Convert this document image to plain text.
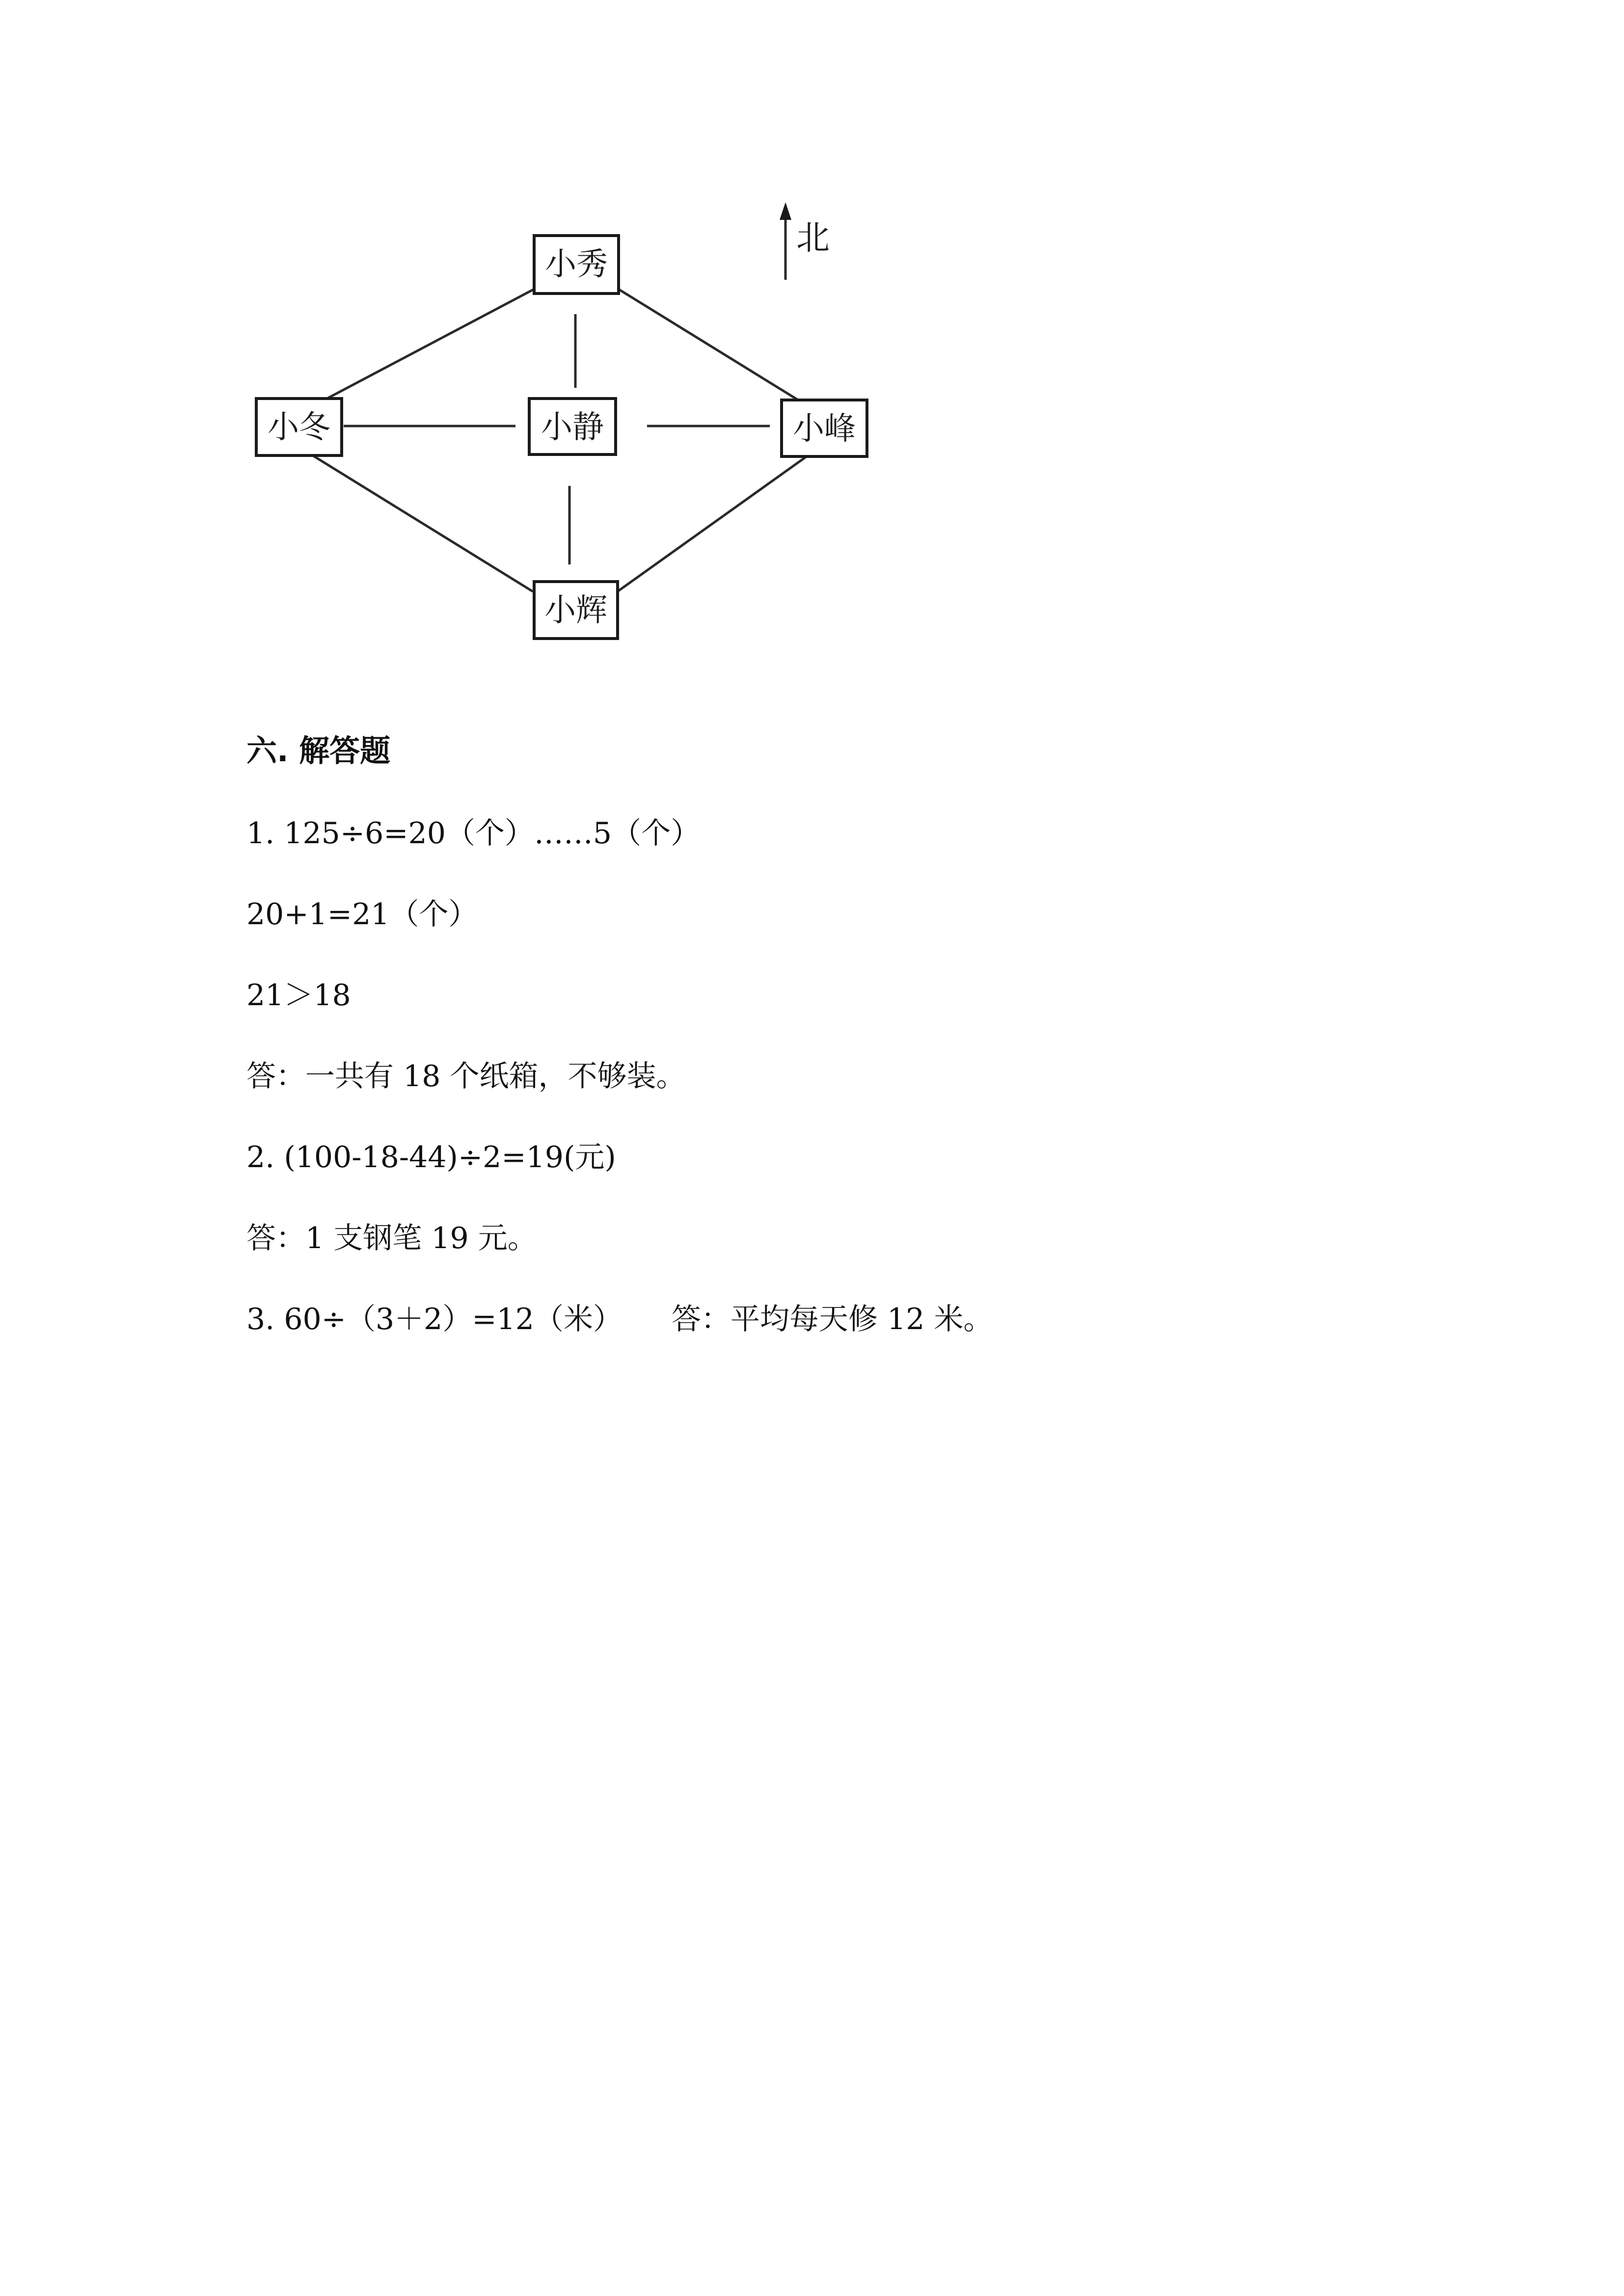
小秀
小冬	小静	小峰
小辉
北
六. 解答题
1. 125÷6=20（个）……5（个）
20+1=21（个）
21＞18
答：一共有 18 个纸箱，不够装。
2. (100-18-44)÷2=19(元)
答：1 支钢笔 19 元。
3. 60÷（3＋2）=12（米） 答：平均每天修 12 米。
